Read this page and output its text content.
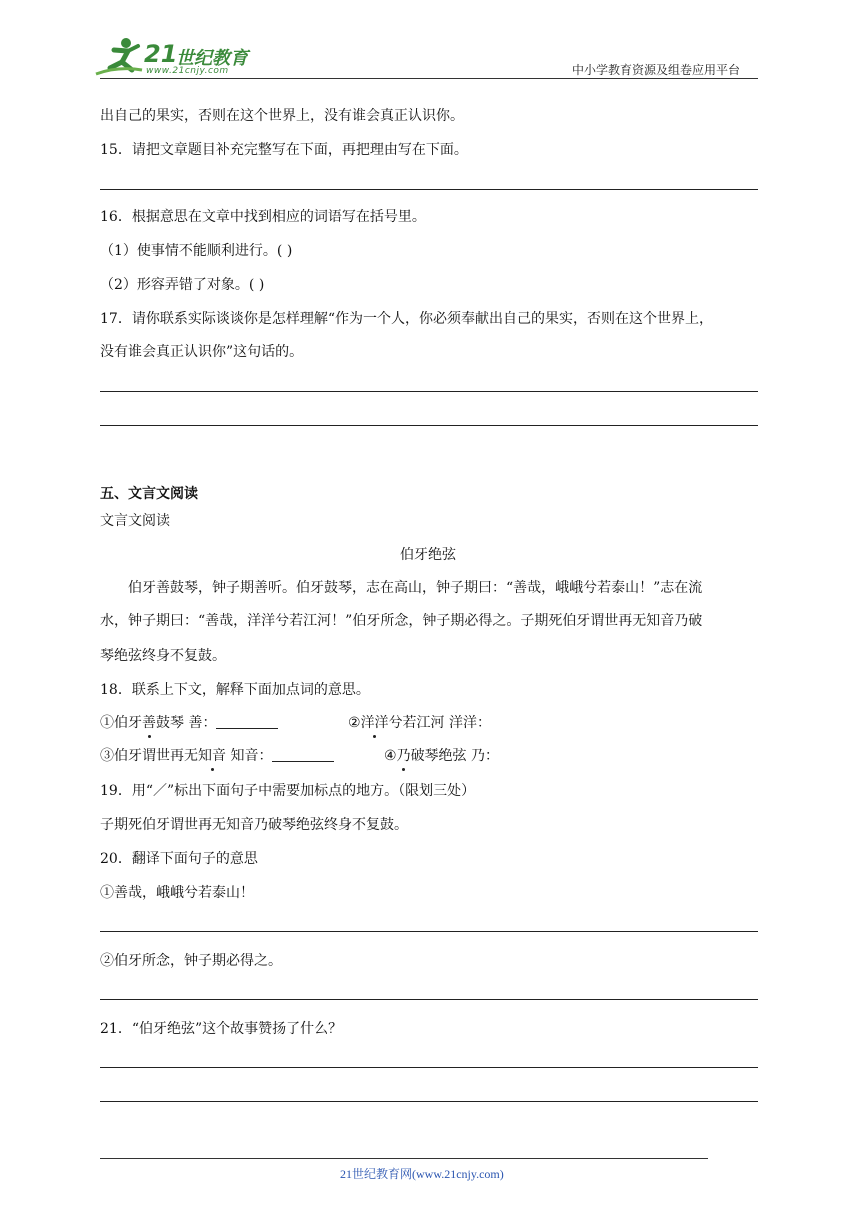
21
世纪教育
www.21cnjy.com	中小学教育资源及组卷应用平台
出自己的果实，否则在这个世界上，没有谁会真正认识你。
15．请把文章题目补充完整写在下面，再把理由写在下面。
16．根据意思在文章中找到相应的词语写在括号里。
（1）使事情不能顺利进行。( )
（2）形容弄错了对象。( )
17．请你联系实际谈谈你是怎样理解“作为一个人，你必须奉献出自己的果实，否则在这个世界上，
没有谁会真正认识你”这句话的。
五、文言文阅读
文言文阅读
伯牙绝弦
伯牙善鼓琴，钟子期善听。伯牙鼓琴，志在高山，钟子期曰：“善哉，峨峨兮若泰山！”志在流
水，钟子期曰：“善哉，洋洋兮若江河！”伯牙所念，钟子期必得之。子期死伯牙谓世再无知音乃破
琴绝弦终身不复鼓。
18．联系上下文，解释下面加点词的意思。
①伯牙善鼓琴 善：	②洋洋兮若江河 洋洋：
③伯牙谓世再无知音 知音：	④乃破琴绝弦 乃：
19．用“／”标出下面句子中需要加标点的地方。（限划三处）
子期死伯牙谓世再无知音乃破琴绝弦终身不复鼓。
20．翻译下面句子的意思
①善哉，峨峨兮若泰山！
②伯牙所念，钟子期必得之。
21．“伯牙绝弦”这个故事赞扬了什么？
21世纪教育网(www.21cnjy.com)
